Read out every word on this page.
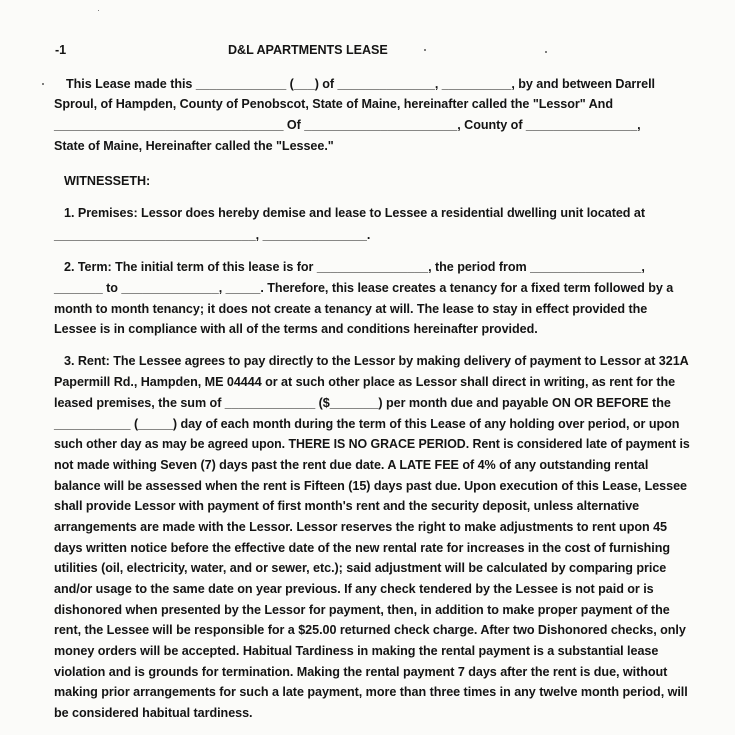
-1	D&L APARTMENTS LEASE
This Lease made this _____________ (___) of ______________, __________, by and between Darrell
Sproul, of Hampden, County of Penobscot, State of Maine, hereinafter called the "Lessor" And
_________________________________ Of ______________________, County of ________________,
State of Maine, Hereinafter called the "Lessee."
WITNESSETH:
1. Premises: Lessor does hereby demise and lease to Lessee a residential dwelling unit located at
_____________________________, _______________.
2. Term: The initial term of this lease is for ________________, the period from ________________,
_______ to ______________, _____. Therefore, this lease creates a tenancy for a fixed term followed by a
month to month tenancy; it does not create a tenancy at will. The lease to stay in effect provided the
Lessee is in compliance with all of the terms and conditions hereinafter provided.
3. Rent: The Lessee agrees to pay directly to the Lessor by making delivery of payment to Lessor at 321A
Papermill Rd., Hampden, ME 04444 or at such other place as Lessor shall direct in writing, as rent for the
leased premises, the sum of _____________ ($_______) per month due and payable ON OR BEFORE the
___________ (_____) day of each month during the term of this Lease of any holding over period, or upon
such other day as may be agreed upon. THERE IS NO GRACE PERIOD. Rent is considered late of payment is
not made withing Seven (7) days past the rent due date. A LATE FEE of 4% of any outstanding rental
balance will be assessed when the rent is Fifteen (15) days past due. Upon execution of this Lease, Lessee
shall provide Lessor with payment of first month's rent and the security deposit, unless alternative
arrangements are made with the Lessor. Lessor reserves the right to make adjustments to rent upon 45
days written notice before the effective date of the new rental rate for increases in the cost of furnishing
utilities (oil, electricity, water, and or sewer, etc.); said adjustment will be calculated by comparing price
and/or usage to the same date on year previous. If any check tendered by the Lessee is not paid or is
dishonored when presented by the Lessor for payment, then, in addition to make proper payment of the
rent, the Lessee will be responsible for a $25.00 returned check charge. After two Dishonored checks, only
money orders will be accepted. Habitual Tardiness in making the rental payment is a substantial lease
violation and is grounds for termination. Making the rental payment 7 days after the rent is due, without
making prior arrangements for such a late payment, more than three times in any twelve month period, will
be considered habitual tardiness.
